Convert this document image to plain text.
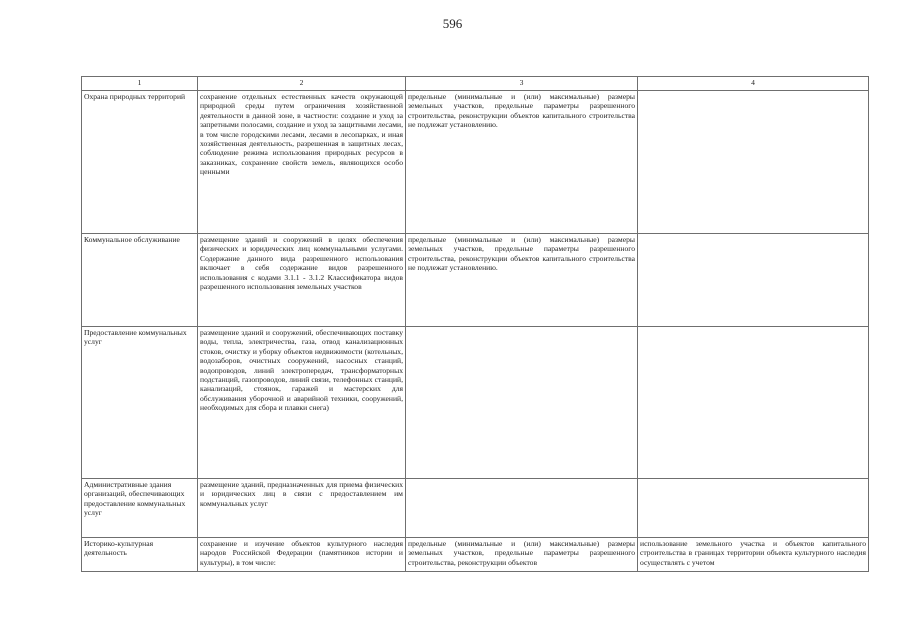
596
1	2	3	4
Охрана природных территорий	сохранение отдельных естественных качеств окружающей природной среды путем ограничения хозяйственной деятельности в данной зоне, в частности: создание и уход за запретными полосами, создание и уход за защитными лесами, в том числе городскими лесами, лесами в лесопарках, и иная хозяйственная деятельность, разрешенная в защитных лесах, соблюдение режима использования природных ресурсов в заказниках, сохранение свойств земель, являющихся особо ценными	предельные (минимальные и (или) максимальные) размеры земельных участков, предельные параметры разрешенного строительства, реконструкции объектов капитального строительства не подлежат установлению.	
Коммунальное обслуживание	размещение зданий и сооружений в целях обеспечения физических и юридических лиц коммунальными услугами. Содержание данного вида разрешенного использования включает в себя содержание видов разрешенного использования с кодами 3.1.1 - 3.1.2 Классификатора видов разрешенного использования земельных участков	предельные (минимальные и (или) максимальные) размеры земельных участков, предельные параметры разрешенного строительства, реконструкции объектов капитального строительства не подлежат установлению.	
Предоставление коммунальных услуг	размещение зданий и сооружений, обеспечивающих поставку воды, тепла, электричества, газа, отвод канализационных стоков, очистку и уборку объектов недвижимости (котельных, водозаборов, очистных сооружений, насосных станций, водопроводов, линий электропередач, трансформаторных подстанций, газопроводов, линий связи, телефонных станций, канализаций, стоянок, гаражей и мастерских для обслуживания уборочной и аварийной техники, сооружений, необходимых для сбора и плавки снега)		
Административные здания организаций, обеспечивающих предоставление коммунальных услуг	размещение зданий, предназначенных для приема физических и юридических лиц в связи с предоставлением им коммунальных услуг		
Историко-культурная деятельность	сохранение и изучение объектов культурного наследия народов Российской Федерации (памятников истории и культуры), в том числе:	предельные (минимальные и (или) максимальные) размеры земельных участков, предельные параметры разрешенного строительства, реконструкции объектов	использование земельного участка и объектов капитального строительства в границах территории объекта культурного наследия осуществлять с учетом
